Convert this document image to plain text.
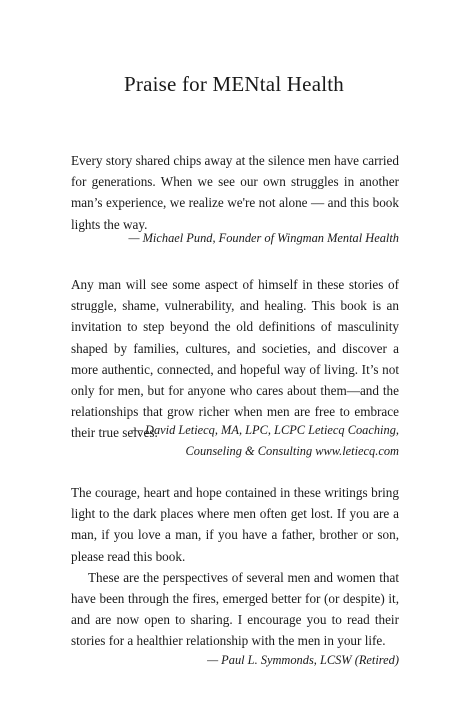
Praise for MENtal Health

Every story shared chips away at the silence men have carried for generations. When we see our own struggles in another man’s experience, we realize we're not alone — and this book lights the way.

— Michael Pund, Founder of Wingman Mental Health

Any man will see some aspect of himself in these stories of struggle, shame, vulnerability, and healing. This book is an invitation to step beyond the old definitions of masculinity shaped by families, cultures, and societies, and discover a more authentic, connected, and hopeful way of living. It’s not only for men, but for anyone who cares about them—and the relationships that grow richer when men are free to embrace their true selves.

— David Letiecq, MA, LPC, LCPC Letiecq Coaching,
Counseling & Consulting www.letiecq.com

The courage, heart and hope contained in these writings bring light to the dark places where men often get lost. If you are a man, if you love a man, if you have a father, brother or son, please read this book.

These are the perspectives of several men and women that have been through the fires, emerged better for (or despite) it, and are now open to sharing. I encourage you to read their stories for a healthier relationship with the men in your life.

— Paul L. Symmonds, LCSW (Retired)
